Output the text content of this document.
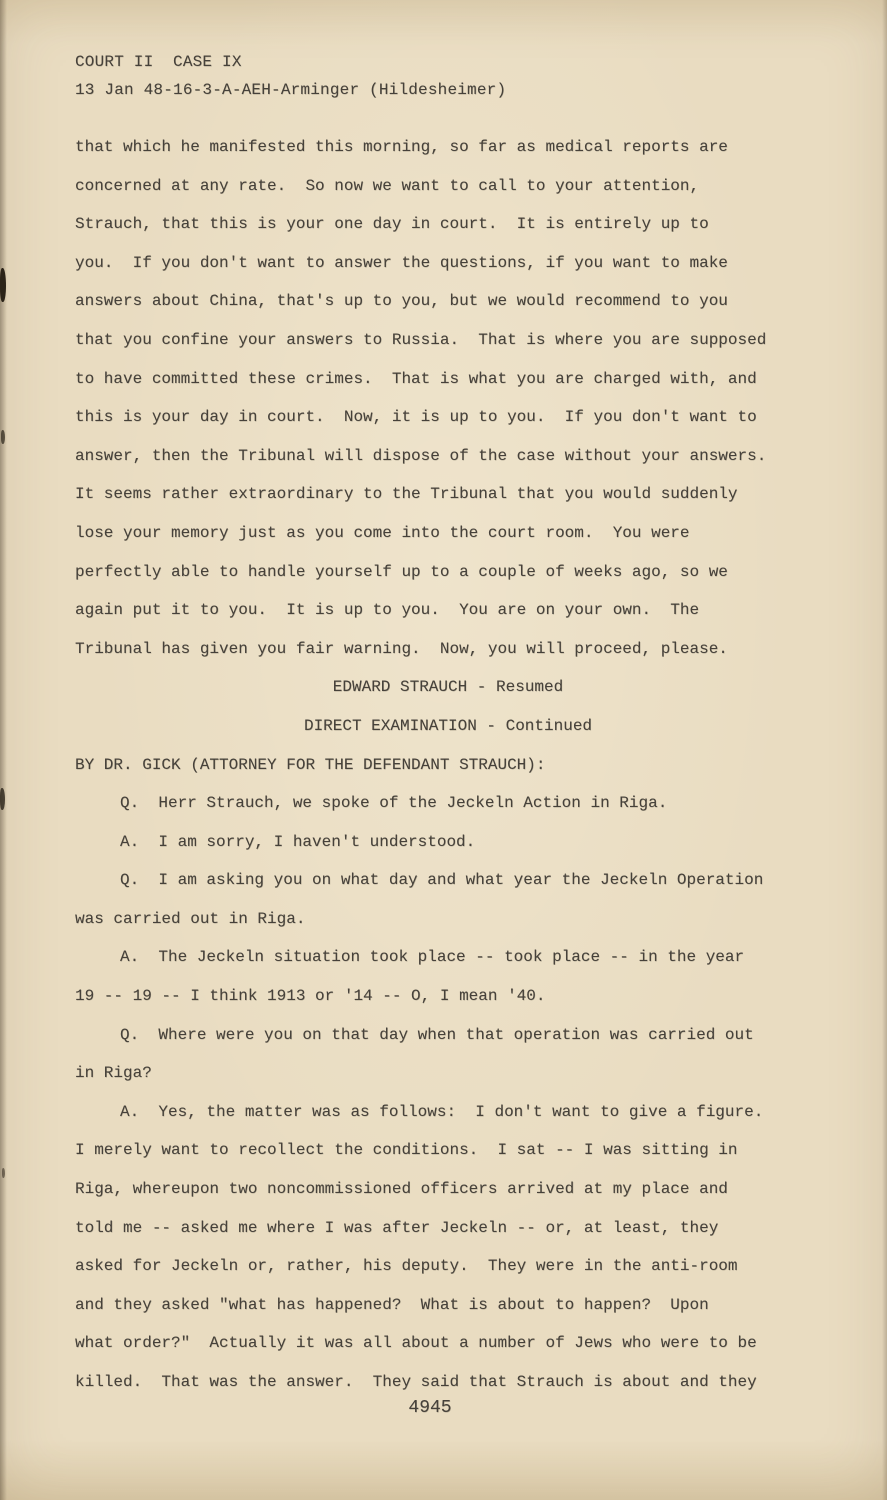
COURT II  CASE IX
13 Jan 48-16-3-A-AEH-Arminger (Hildesheimer)
that which he manifested this morning, so far as medical reports are
concerned at any rate.  So now we want to call to your attention,
Strauch, that this is your one day in court.  It is entirely up to
you.  If you don't want to answer the questions, if you want to make
answers about China, that's up to you, but we would recommend to you
that you confine your answers to Russia.  That is where you are supposed
to have committed these crimes.  That is what you are charged with, and
this is your day in court.  Now, it is up to you.  If you don't want to
answer, then the Tribunal will dispose of the case without your answers.
It seems rather extraordinary to the Tribunal that you would suddenly
lose your memory just as you come into the court room.  You were
perfectly able to handle yourself up to a couple of weeks ago, so we
again put it to you.  It is up to you.  You are on your own.  The
Tribunal has given you fair warning.  Now, you will proceed, please.
EDWARD STRAUCH - Resumed
DIRECT EXAMINATION - Continued
BY DR. GICK (ATTORNEY FOR THE DEFENDANT STRAUCH):
Q.  Herr Strauch, we spoke of the Jeckeln Action in Riga.
A.  I am sorry, I haven't understood.
Q.  I am asking you on what day and what year the Jeckeln Operation
was carried out in Riga.
A.  The Jeckeln situation took place -- took place -- in the year
19 -- 19 -- I think 1913 or '14 -- O, I mean '40.
Q.  Where were you on that day when that operation was carried out
in Riga?
A.  Yes, the matter was as follows:  I don't want to give a figure.
I merely want to recollect the conditions.  I sat -- I was sitting in
Riga, whereupon two noncommissioned officers arrived at my place and
told me -- asked me where I was after Jeckeln -- or, at least, they
asked for Jeckeln or, rather, his deputy.  They were in the anti-room
and they asked "what has happened?  What is about to happen?  Upon
what order?"  Actually it was all about a number of Jews who were to be
killed.  That was the answer.  They said that Strauch is about and they
4945
